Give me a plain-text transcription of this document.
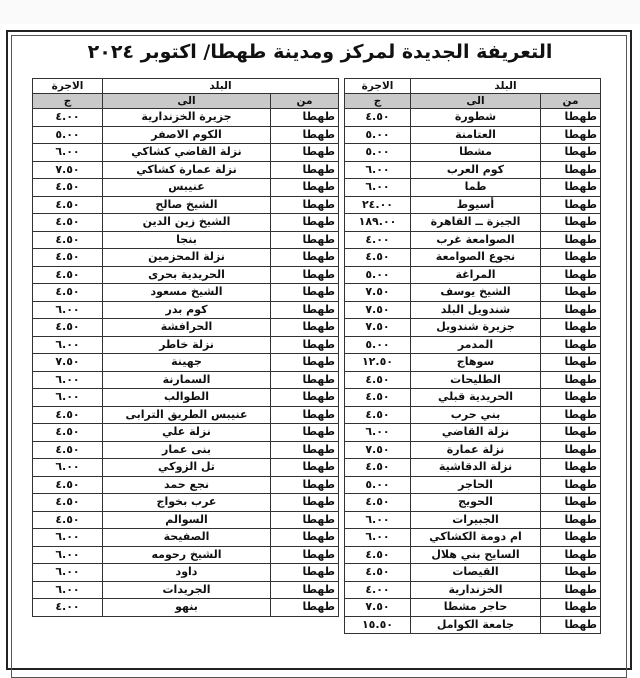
التعريفة الجديدة لمركز ومدينة طهطا/ اكتوبر ٢٠٢٤
البلد		الاجرة
من	الى	ج
طهطا	شطورة	٤.٥٠
طهطا	العتامنة	٥.٠٠
طهطا	مشطا	٥.٠٠
طهطا	كوم العرب	٦.٠٠
طهطا	طما	٦.٠٠
طهطا	أسيوط	٢٤.٠٠
طهطا	الجيزة ــ القاهرة	١٨٩.٠٠
طهطا	الصوامعة غرب	٤.٠٠
طهطا	نجوع الصوامعة	٤.٥٠
طهطا	المراغة	٥.٠٠
طهطا	الشيخ يوسف	٧.٥٠
طهطا	شندويل البلد	٧.٥٠
طهطا	جزيرة شندويل	٧.٥٠
طهطا	المدمر	٥.٠٠
طهطا	سوهاج	١٢.٥٠
طهطا	الطليحات	٤.٥٠
طهطا	الحريدية قبلي	٤.٥٠
طهطا	بني حرب	٤.٥٠
طهطا	نزلة القاضي	٦.٠٠
طهطا	نزلة عمارة	٧.٥٠
طهطا	نزلة الدقاشية	٤.٥٠
طهطا	الحاجر	٥.٠٠
طهطا	الحويج	٤.٥٠
طهطا	الجبيرات	٦.٠٠
طهطا	ام دومة الكشاكي	٦.٠٠
طهطا	السايح بني هلال	٤.٥٠
طهطا	القيصات	٤.٥٠
طهطا	الخزندارية	٤.٠٠
طهطا	حاجر مشطا	٧.٥٠
طهطا	جامعة الكوامل	١٥.٥٠
البلد		الاجرة
من	الى	ج
طهطا	جزيرة الخزندارية	٤.٠٠
طهطا	الكوم الاصفر	٥.٠٠
طهطا	نزلة القاضي كشاكي	٦.٠٠
طهطا	نزلة عمارة كشاكي	٧.٥٠
طهطا	عنيبس	٤.٥٠
طهطا	الشيخ صالح	٤.٥٠
طهطا	الشيخ زين الدين	٤.٥٠
طهطا	بنجا	٤.٥٠
طهطا	نزلة المحزمين	٤.٥٠
طهطا	الحريدية بحرى	٤.٥٠
طهطا	الشيخ مسعود	٤.٥٠
طهطا	كوم بدر	٦.٠٠
طهطا	الحرافشة	٤.٥٠
طهطا	نزلة خاطر	٦.٠٠
طهطا	جهينة	٧.٥٠
طهطا	السمارنة	٦.٠٠
طهطا	الطوالب	٦.٠٠
طهطا	عنيبس الطريق الترابى	٤.٥٠
طهطا	نزلة علي	٤.٥٠
طهطا	بنى عمار	٤.٥٠
طهطا	تل الزوكي	٦.٠٠
طهطا	نجع حمد	٤.٥٠
طهطا	عرب بخواج	٤.٥٠
طهطا	السوالم	٤.٥٠
طهطا	الصفيحة	٦.٠٠
طهطا	الشيخ رحومه	٦.٠٠
طهطا	داود	٦.٠٠
طهطا	الجريدات	٦.٠٠
طهطا	بنهو	٤.٠٠
